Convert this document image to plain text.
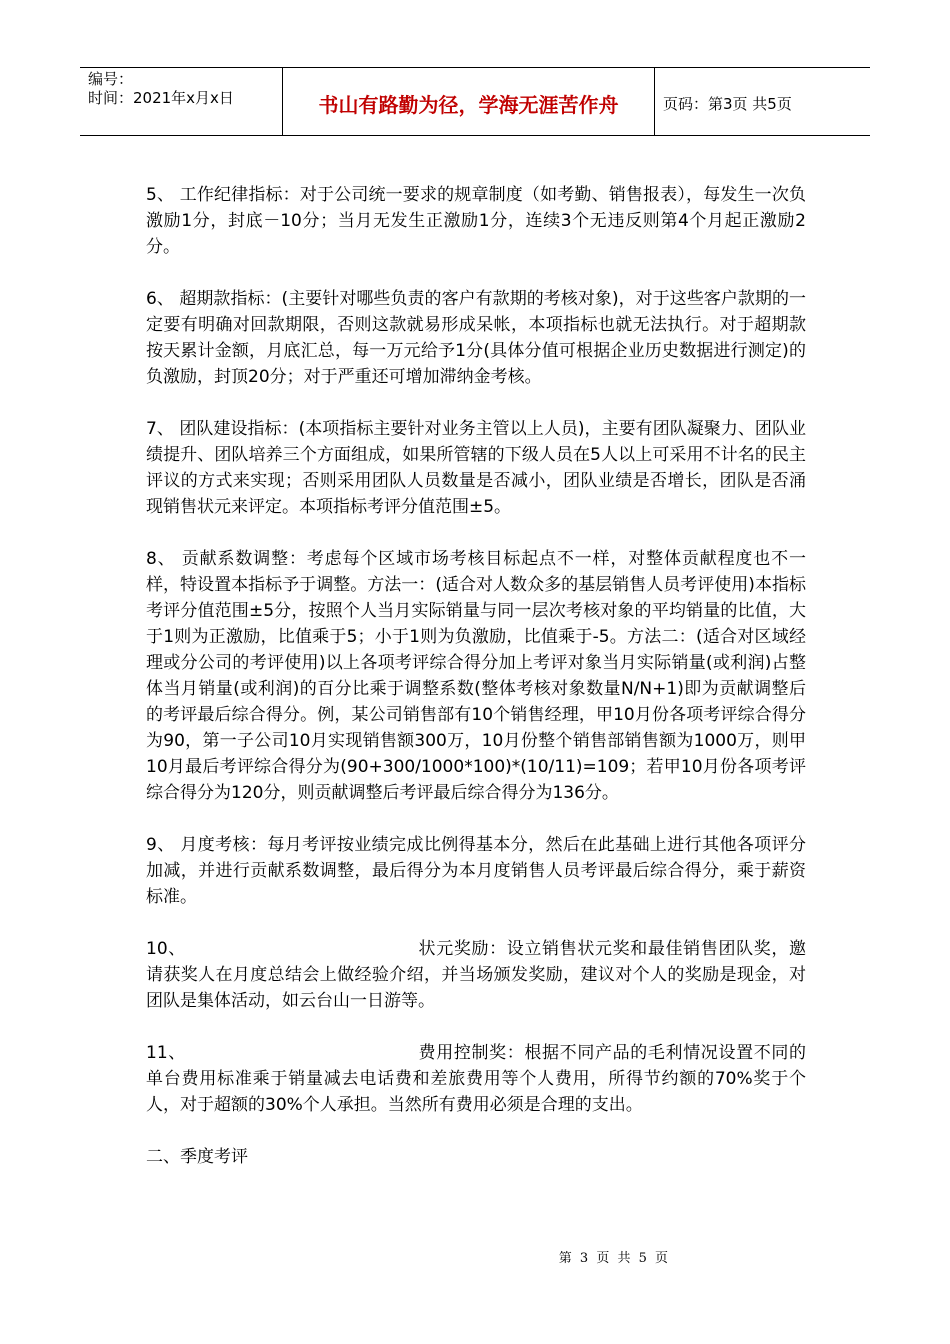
编号：
时间：2021年x月x日	书山有路勤为径，学海无涯苦作舟	页码：第3页 共5页

5、 工作纪律指标：对于公司统一要求的规章制度（如考勤、销售报表），每发生一次负激励1分，封底－10分；当月无发生正激励1分，连续3个无违反则第4个月起正激励2分。

6、 超期款指标：(主要针对哪些负责的客户有款期的考核对象)，对于这些客户款期的一定要有明确对回款期限，否则这款就易形成呆帐，本项指标也就无法执行。对于超期款按天累计金额，月底汇总，每一万元给予1分(具体分值可根据企业历史数据进行测定)的负激励，封顶20分；对于严重还可增加滞纳金考核。

7、 团队建设指标：(本项指标主要针对业务主管以上人员)，主要有团队凝聚力、团队业绩提升、团队培养三个方面组成，如果所管辖的下级人员在5人以上可采用不计名的民主评议的方式来实现；否则采用团队人员数量是否减小，团队业绩是否增长，团队是否涌现销售状元来评定。本项指标考评分值范围±5。

8、 贡献系数调整：考虑每个区域市场考核目标起点不一样，对整体贡献程度也不一样，特设置本指标予于调整。方法一：(适合对人数众多的基层销售人员考评使用)本指标考评分值范围±5分，按照个人当月实际销量与同一层次考核对象的平均销量的比值，大于1则为正激励，比值乘于5；小于1则为负激励，比值乘于-5。方法二：(适合对区域经理或分公司的考评使用)以上各项考评综合得分加上考评对象当月实际销量(或利润)占整体当月销量(或利润)的百分比乘于调整系数(整体考核对象数量N/N+1)即为贡献调整后的考评最后综合得分。例，某公司销售部有10个销售经理，甲10月份各项考评综合得分为90，第一子公司10月实现销售额300万，10月份整个销售部销售额为1000万，则甲10月最后考评综合得分为(90+300/1000*100)*(10/11)=109；若甲10月份各项考评综合得分为120分，则贡献调整后考评最后综合得分为136分。

9、 月度考核：每月考评按业绩完成比例得基本分，然后在此基础上进行其他各项评分加减，并进行贡献系数调整，最后得分为本月度销售人员考评最后综合得分，乘于薪资标准。

10、	状元奖励：设立销售状元奖和最佳销售团队奖，邀请获奖人在月度总结会上做经验介绍，并当场颁发奖励，建议对个人的奖励是现金，对团队是集体活动，如云台山一日游等。

11、	费用控制奖：根据不同产品的毛利情况设置不同的单台费用标准乘于销量减去电话费和差旅费用等个人费用，所得节约额的70%奖于个人，对于超额的30%个人承担。当然所有费用必须是合理的支出。

二、季度考评

第 3 页 共 5 页
